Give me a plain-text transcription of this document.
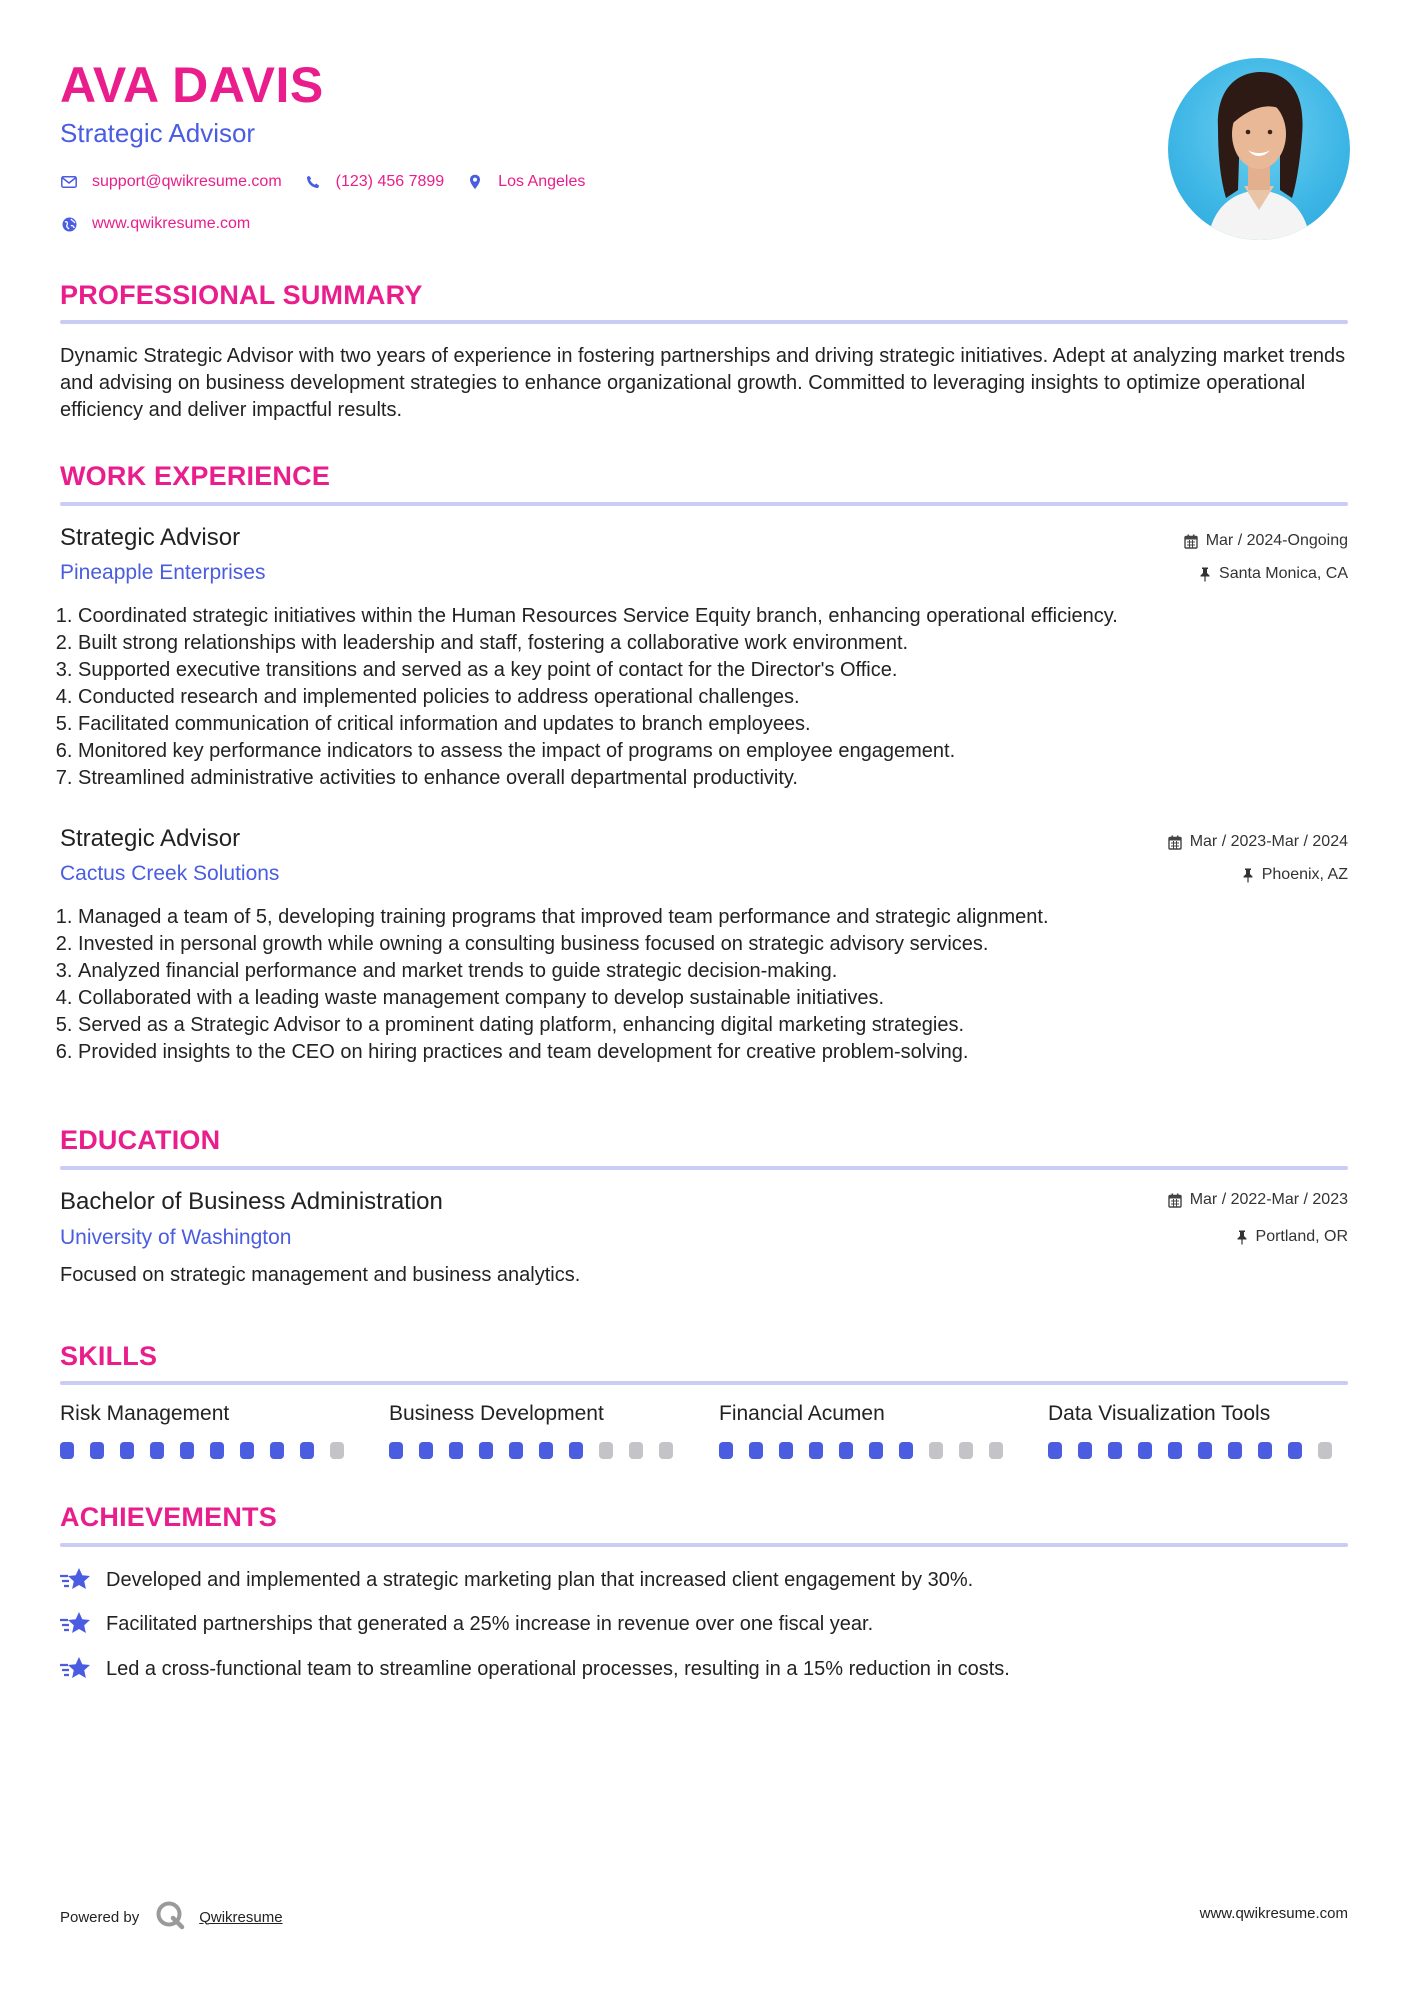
AVA DAVIS
Strategic Advisor
support@qwikresume.com	(123) 456 7899	Los Angeles
www.qwikresume.com
PROFESSIONAL SUMMARY

Dynamic Strategic Advisor with two years of experience in fostering partnerships and driving strategic initiatives. Adept at analyzing market trends and advising on business development strategies to enhance organizational growth. Committed to leveraging insights to optimize operational efficiency and deliver impactful results.

WORK EXPERIENCE
Strategic Advisor	Mar / 2024-Ongoing
Pineapple Enterprises	Santa Monica, CA
1. Coordinated strategic initiatives within the Human Resources Service Equity branch, enhancing operational efficiency.
2. Built strong relationships with leadership and staff, fostering a collaborative work environment.
3. Supported executive transitions and served as a key point of contact for the Director's Office.
4. Conducted research and implemented policies to address operational challenges.
5. Facilitated communication of critical information and updates to branch employees.
6. Monitored key performance indicators to assess the impact of programs on employee engagement.
7. Streamlined administrative activities to enhance overall departmental productivity.
Strategic Advisor	Mar / 2023-Mar / 2024
Cactus Creek Solutions	Phoenix, AZ
1. Managed a team of 5, developing training programs that improved team performance and strategic alignment.
2. Invested in personal growth while owning a consulting business focused on strategic advisory services.
3. Analyzed financial performance and market trends to guide strategic decision-making.
4. Collaborated with a leading waste management company to develop sustainable initiatives.
5. Served as a Strategic Advisor to a prominent dating platform, enhancing digital marketing strategies.
6. Provided insights to the CEO on hiring practices and team development for creative problem-solving.
EDUCATION
Bachelor of Business Administration	Mar / 2022-Mar / 2023
University of Washington	Portland, OR

Focused on strategic management and business analytics.

SKILLS
Risk Management	Business Development	Financial Acumen	Data Visualization Tools
ACHIEVEMENTS
Developed and implemented a strategic marketing plan that increased client engagement by 30%.
Facilitated partnerships that generated a 25% increase in revenue over one fiscal year.
Led a cross-functional team to streamline operational processes, resulting in a 15% reduction in costs.
Powered by	Qwikresume	www.qwikresume.com
